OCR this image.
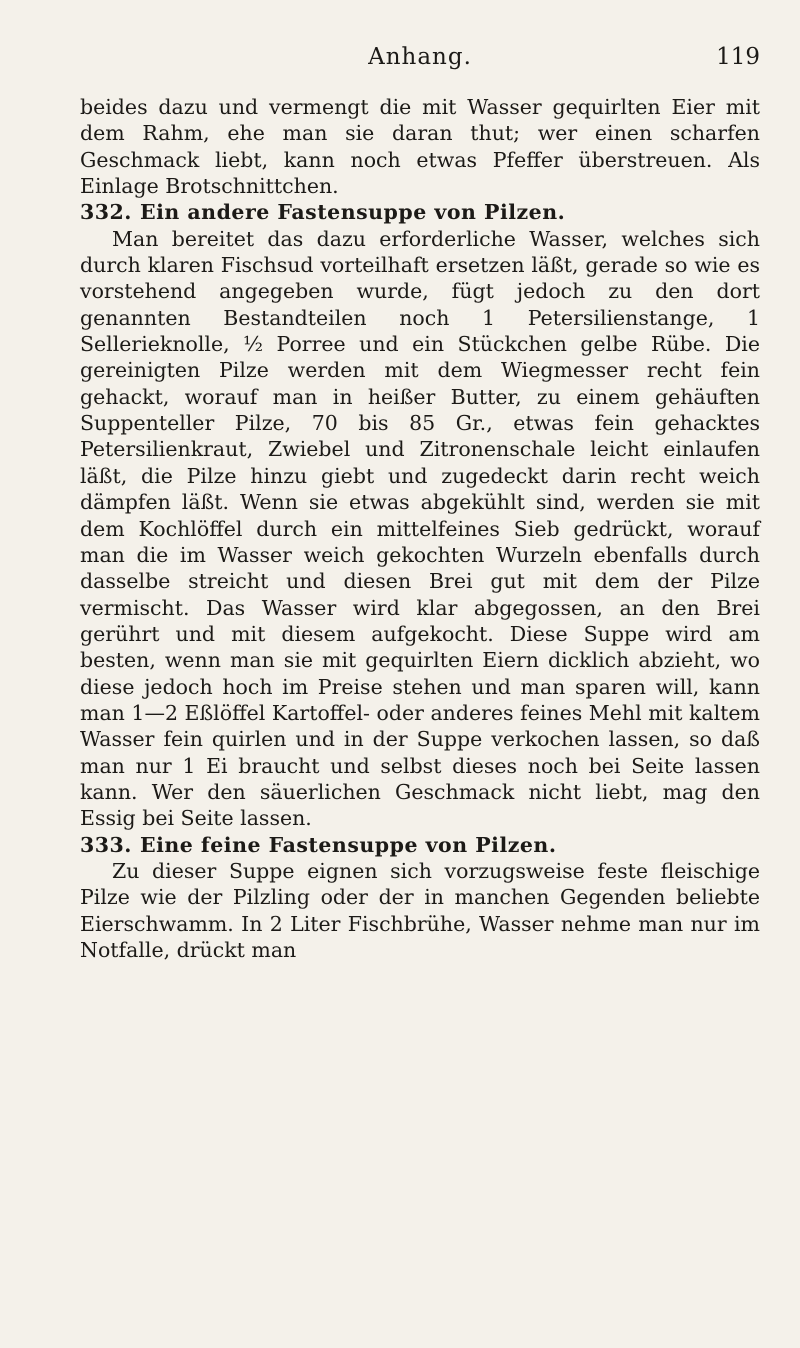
Anhang.	119

beides dazu und vermengt die mit Wasser gequirlten Eier mit dem Rahm, ehe man sie daran thut; wer einen scharfen Geschmack liebt, kann noch etwas Pfeffer überstreuen. Als Einlage Brotschnittchen.

332. Ein andere Fastensuppe von Pilzen.

Man bereitet das dazu erforderliche Wasser, welches sich durch klaren Fischsud vorteilhaft ersetzen läßt, gerade so wie es vorstehend angegeben wurde, fügt jedoch zu den dort genannten Bestandteilen noch 1 Petersilienstange, 1 Sellerieknolle, ½ Porree und ein Stückchen gelbe Rübe. Die gereinigten Pilze werden mit dem Wiegmesser recht fein gehackt, worauf man in heißer Butter, zu einem gehäuften Suppenteller Pilze, 70 bis 85 Gr., etwas fein gehacktes Petersilienkraut, Zwiebel und Zitronenschale leicht einlaufen läßt, die Pilze hinzu giebt und zugedeckt darin recht weich dämpfen läßt. Wenn sie etwas abgekühlt sind, werden sie mit dem Kochlöffel durch ein mittelfeines Sieb gedrückt, worauf man die im Wasser weich gekochten Wurzeln ebenfalls durch dasselbe streicht und diesen Brei gut mit dem der Pilze vermischt. Das Wasser wird klar abgegossen, an den Brei gerührt und mit diesem aufgekocht. Diese Suppe wird am besten, wenn man sie mit gequirlten Eiern dicklich abzieht, wo diese jedoch hoch im Preise stehen und man sparen will, kann man 1—2 Eßlöffel Kartoffel- oder anderes feines Mehl mit kaltem Wasser fein quirlen und in der Suppe verkochen lassen, so daß man nur 1 Ei braucht und selbst dieses noch bei Seite lassen kann. Wer den säuerlichen Geschmack nicht liebt, mag den Essig bei Seite lassen.

333. Eine feine Fastensuppe von Pilzen.

Zu dieser Suppe eignen sich vorzugsweise feste fleischige Pilze wie der Pilzling oder der in manchen Gegenden beliebte Eierschwamm. In 2 Liter Fischbrühe, Wasser nehme man nur im Notfalle, drückt man
